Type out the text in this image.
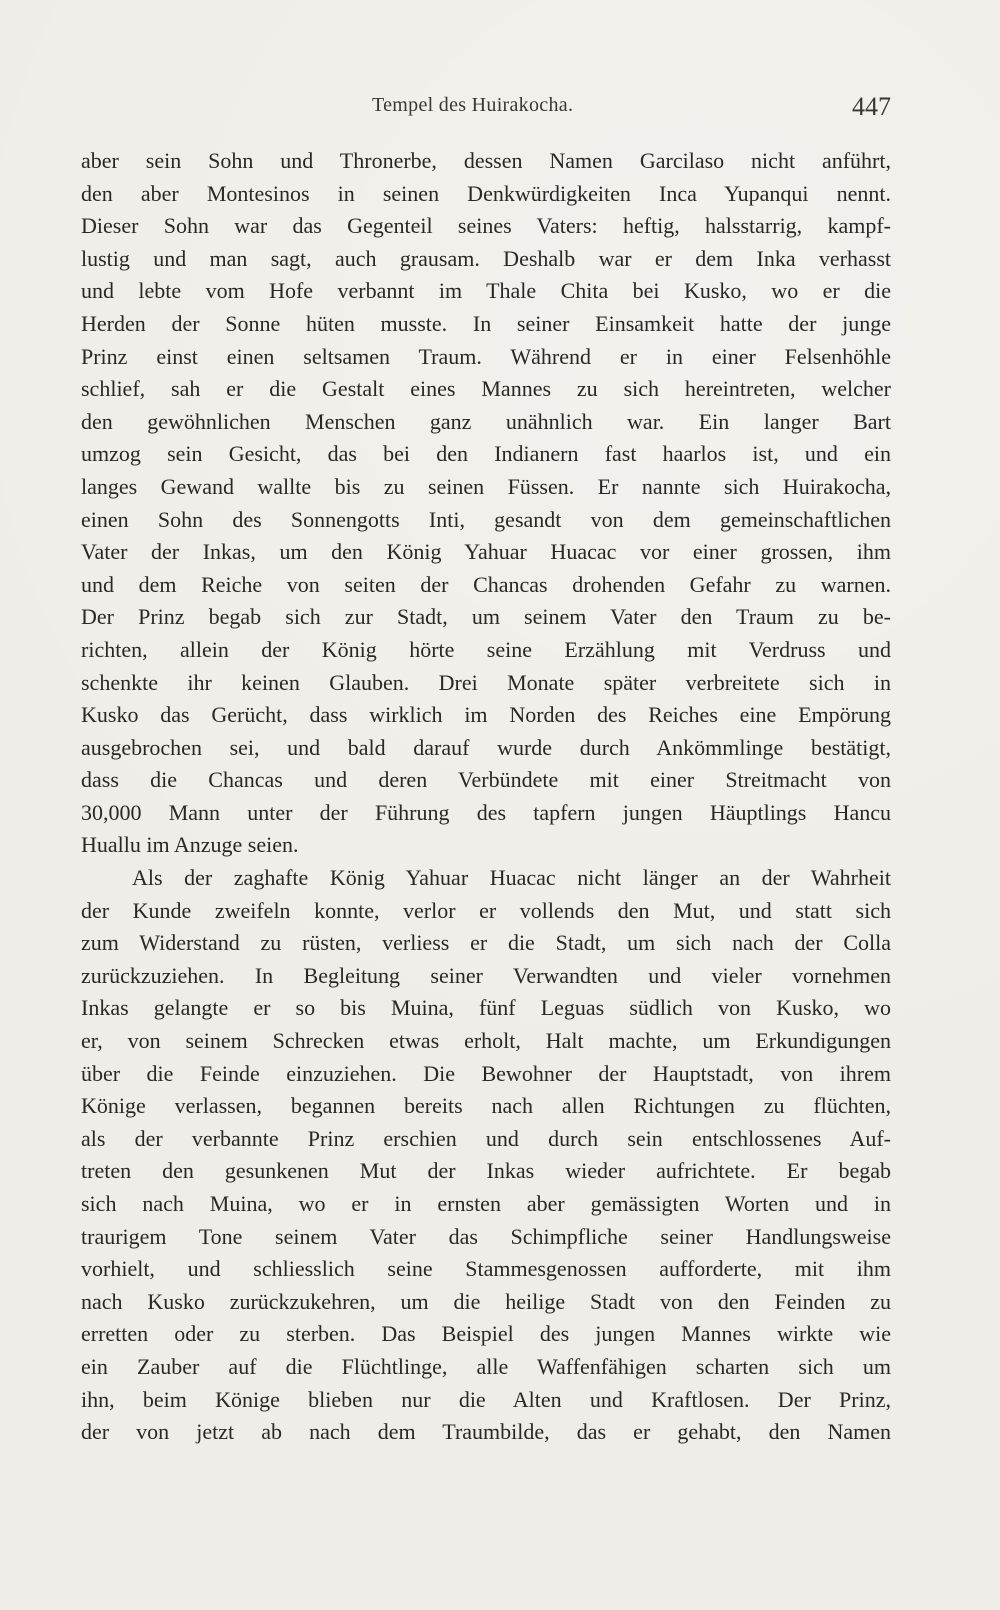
Tempel des Huirakocha.	447
aber sein Sohn und Thronerbe, dessen Namen Garcilaso nicht anführt,
den aber Montesinos in seinen Denkwürdigkeiten Inca Yupanqui nennt.
Dieser Sohn war das Gegenteil seines Vaters: heftig, halsstarrig, kampf-
lustig und man sagt, auch grausam. Deshalb war er dem Inka verhasst
und lebte vom Hofe verbannt im Thale Chita bei Kusko, wo er die
Herden der Sonne hüten musste. In seiner Einsamkeit hatte der junge
Prinz einst einen seltsamen Traum. Während er in einer Felsenhöhle
schlief, sah er die Gestalt eines Mannes zu sich hereintreten, welcher
den gewöhnlichen Menschen ganz unähnlich war. Ein langer Bart
umzog sein Gesicht, das bei den Indianern fast haarlos ist, und ein
langes Gewand wallte bis zu seinen Füssen. Er nannte sich Huirakocha,
einen Sohn des Sonnengotts Inti, gesandt von dem gemeinschaftlichen
Vater der Inkas, um den König Yahuar Huacac vor einer grossen, ihm
und dem Reiche von seiten der Chancas drohenden Gefahr zu warnen.
Der Prinz begab sich zur Stadt, um seinem Vater den Traum zu be-
richten, allein der König hörte seine Erzählung mit Verdruss und
schenkte ihr keinen Glauben. Drei Monate später verbreitete sich in
Kusko das Gerücht, dass wirklich im Norden des Reiches eine Empörung
ausgebrochen sei, und bald darauf wurde durch Ankömmlinge bestätigt,
dass die Chancas und deren Verbündete mit einer Streitmacht von
30,000 Mann unter der Führung des tapfern jungen Häuptlings Hancu
Huallu im Anzuge seien.
Als der zaghafte König Yahuar Huacac nicht länger an der Wahrheit
der Kunde zweifeln konnte, verlor er vollends den Mut, und statt sich
zum Widerstand zu rüsten, verliess er die Stadt, um sich nach der Colla
zurückzuziehen. In Begleitung seiner Verwandten und vieler vornehmen
Inkas gelangte er so bis Muina, fünf Leguas südlich von Kusko, wo
er, von seinem Schrecken etwas erholt, Halt machte, um Erkundigungen
über die Feinde einzuziehen. Die Bewohner der Hauptstadt, von ihrem
Könige verlassen, begannen bereits nach allen Richtungen zu flüchten,
als der verbannte Prinz erschien und durch sein entschlossenes Auf-
treten den gesunkenen Mut der Inkas wieder aufrichtete. Er begab
sich nach Muina, wo er in ernsten aber gemässigten Worten und in
traurigem Tone seinem Vater das Schimpfliche seiner Handlungsweise
vorhielt, und schliesslich seine Stammesgenossen aufforderte, mit ihm
nach Kusko zurückzukehren, um die heilige Stadt von den Feinden zu
erretten oder zu sterben. Das Beispiel des jungen Mannes wirkte wie
ein Zauber auf die Flüchtlinge, alle Waffenfähigen scharten sich um
ihn, beim Könige blieben nur die Alten und Kraftlosen. Der Prinz,
der von jetzt ab nach dem Traumbilde, das er gehabt, den Namen
